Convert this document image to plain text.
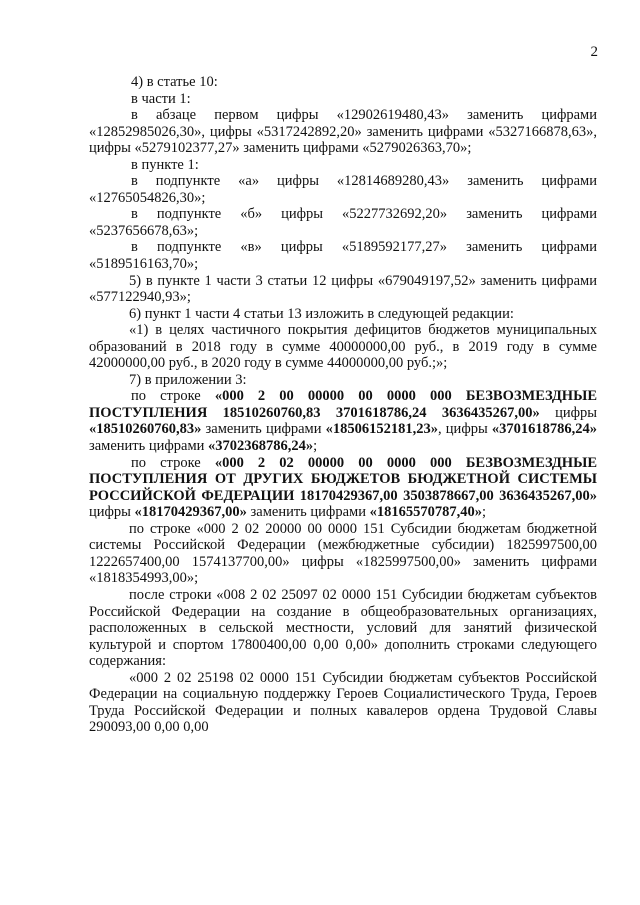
2

4) в статье 10:

в части 1:

в абзаце первом цифры «12902619480,43» заменить цифрами «12852985026,30», цифры «5317242892,20» заменить цифрами «5327166878,63», цифры «5279102377,27» заменить цифрами «5279026363,70»;

в пункте 1:

в подпункте «а» цифры «12814689280,43» заменить цифрами «12765054826,30»;

в подпункте «б» цифры «5227732692,20» заменить цифрами «5237656678,63»;

в подпункте «в» цифры «5189592177,27» заменить цифрами «5189516163,70»;

5) в пункте 1 части 3 статьи 12 цифры «679049197,52» заменить цифрами «577122940,93»;

6) пункт 1 части 4 статьи 13 изложить в следующей редакции:

«1) в целях частичного покрытия дефицитов бюджетов муниципальных образований в 2018 году в сумме 40000000,00 руб., в 2019 году в сумме 42000000,00 руб., в 2020 году в сумме 44000000,00 руб.;»;

7) в приложении 3:

по строке «000 2 00 00000 00 0000 000 БЕЗВОЗМЕЗДНЫЕ ПОСТУПЛЕНИЯ 18510260760,83 3701618786,24 3636435267,00» цифры «18510260760,83» заменить цифрами «18506152181,23», цифры «3701618786,24» заменить цифрами «3702368786,24»;

по строке «000 2 02 00000 00 0000 000 БЕЗВОЗМЕЗДНЫЕ ПОСТУПЛЕНИЯ ОТ ДРУГИХ БЮДЖЕТОВ БЮДЖЕТНОЙ СИСТЕМЫ РОССИЙСКОЙ ФЕДЕРАЦИИ 18170429367,00 3503878667,00 3636435267,00» цифры «18170429367,00» заменить цифрами «18165570787,40»;

по строке «000 2 02 20000 00 0000 151 Субсидии бюджетам бюджетной системы Российской Федерации (межбюджетные субсидии) 1825997500,00 1222657400,00 1574137700,00» цифры «1825997500,00» заменить цифрами «1818354993,00»;

после строки «008 2 02 25097 02 0000 151 Субсидии бюджетам субъектов Российской Федерации на создание в общеобразовательных организациях, расположенных в сельской местности, условий для занятий физической культурой и спортом 17800400,00 0,00 0,00» дополнить строками следующего содержания:

«000 2 02 25198 02 0000 151 Субсидии бюджетам субъектов Российской Федерации на социальную поддержку Героев Социалистического Труда, Героев Труда Российской Федерации и полных кавалеров ордена Трудовой Славы 290093,00 0,00 0,00
